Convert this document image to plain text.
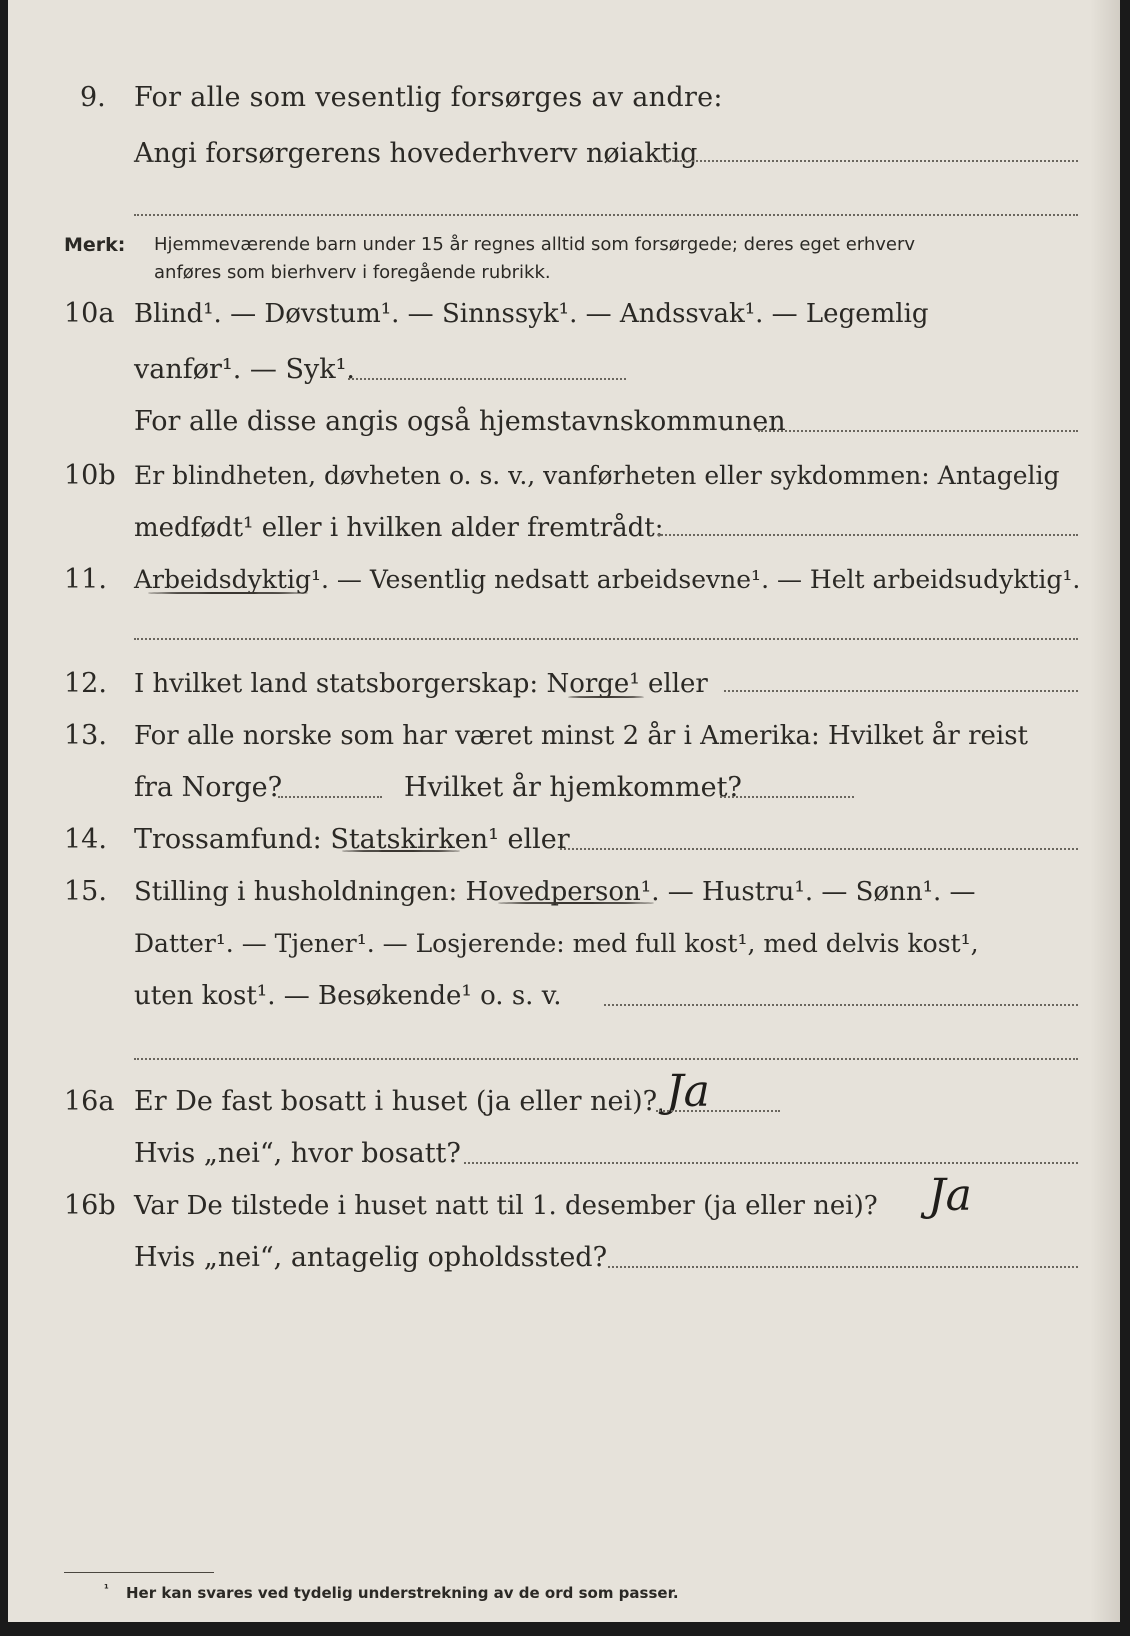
9. For alle som vesentlig forsørges av andre:
Angi forsørgerens hovederhverv nøiaktig
Merk: Hjemmeværende barn under 15 år regnes alltid som forsørgede; deres eget erhverv
anføres som bierhverv i foregående rubrikk.
10a Blind¹. — Døvstum¹. — Sinnssyk¹. — Andssvak¹. — Legemlig
vanfør¹. — Syk¹.
For alle disse angis også hjemstavnskommunen
10b Er blindheten, døvheten o. s. v., vanførheten eller sykdommen: Antagelig
medfødt¹ eller i hvilken alder fremtrådt:
11. Arbeidsdyktig¹. — Vesentlig nedsatt arbeidsevne¹. — Helt arbeidsudyktig¹.
12. I hvilket land statsborgerskap: Norge¹ eller
13. For alle norske som har været minst 2 år i Amerika: Hvilket år reist
fra Norge?	Hvilket år hjemkommet?
14. Trossamfund: Statskirken¹ eller
15. Stilling i husholdningen: Hovedperson¹. — Hustru¹. — Sønn¹. —
Datter¹. — Tjener¹. — Losjerende: med full kost¹, med delvis kost¹,
uten kost¹. — Besøkende¹ o. s. v.
16a Er De fast bosatt i huset (ja eller nei)? Ja
Hvis „nei“, hvor bosatt?
16b Var De tilstede i huset natt til 1. desember (ja eller nei)? Ja
Hvis „nei“, antagelig opholdssted?
¹ Her kan svares ved tydelig understrekning av de ord som passer.
